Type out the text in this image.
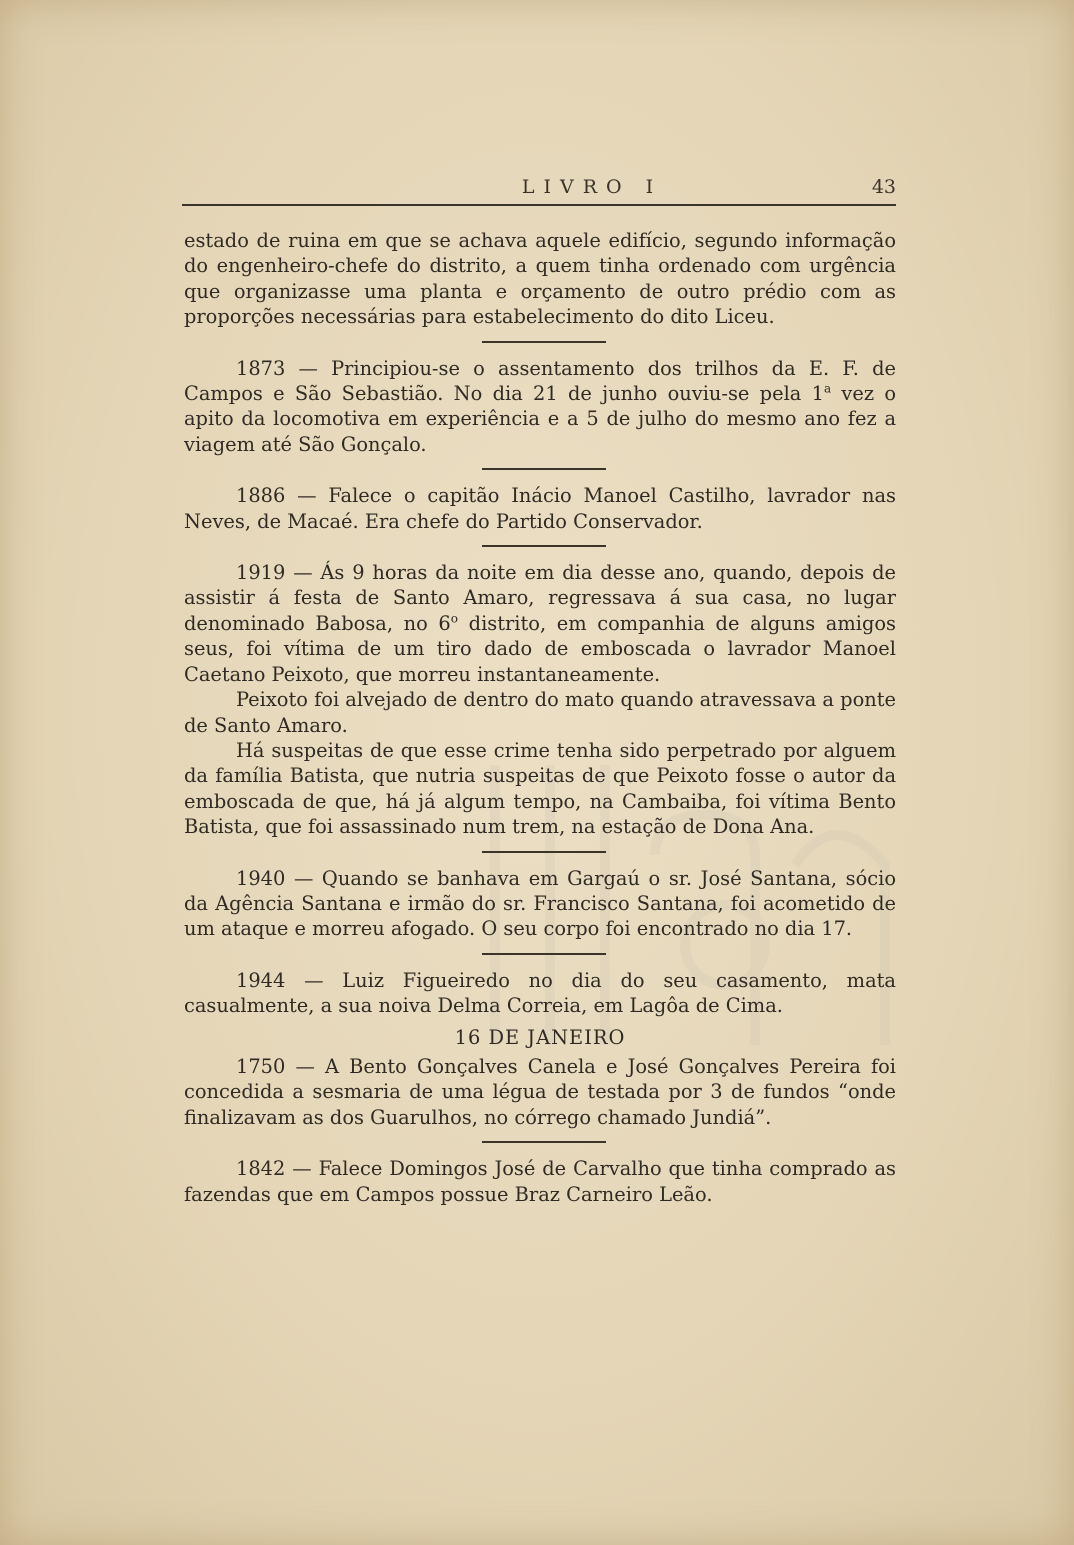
LIVRO I	43

estado de ruina em que se achava aquele edifício, segundo informação do engenheiro-chefe do distrito, a quem tinha ordenado com urgência que organizasse uma planta e orçamento de outro prédio com as proporções necessárias para estabelecimento do dito Liceu.

1873 — Principiou-se o assentamento dos trilhos da E. F. de Campos e São Sebastião. No dia 21 de junho ouviu-se pela 1$^a$ vez o apito da locomotiva em experiência e a 5 de julho do mesmo ano fez a viagem até São Gonçalo.

1886 — Falece o capitão Inácio Manoel Castilho, lavrador nas Neves, de Macaé. Era chefe do Partido Conservador.

1919 — Ás 9 horas da noite em dia desse ano, quando, depois de assistir á festa de Santo Amaro, regressava á sua casa, no lugar denominado Babosa, no 6$^o$ distrito, em companhia de alguns amigos seus, foi vítima de um tiro dado de emboscada o lavrador Manoel Caetano Peixoto, que morreu instantaneamente.

Peixoto foi alvejado de dentro do mato quando atravessava a ponte de Santo Amaro.

Há suspeitas de que esse crime tenha sido perpetrado por alguem da família Batista, que nutria suspeitas de que Peixoto fosse o autor da emboscada de que, há já algum tempo, na Cambaiba, foi vítima Bento Batista, que foi assassinado num trem, na estação de Dona Ana.

1940 — Quando se banhava em Gargaú o sr. José Santana, sócio da Agência Santana e irmão do sr. Francisco Santana, foi acometido de um ataque e morreu afogado. O seu corpo foi encontrado no dia 17.

1944 — Luiz Figueiredo no dia do seu casamento, mata casualmente, a sua noiva Delma Correia, em Lagôa de Cima.

16 DE JANEIRO

1750 — A Bento Gonçalves Canela e José Gonçalves Pereira foi concedida a sesmaria de uma légua de testada por 3 de fundos “onde finalizavam as dos Guarulhos, no córrego chamado Jundiá”.

1842 — Falece Domingos José de Carvalho que tinha comprado as fazendas que em Campos possue Braz Carneiro Leão.
